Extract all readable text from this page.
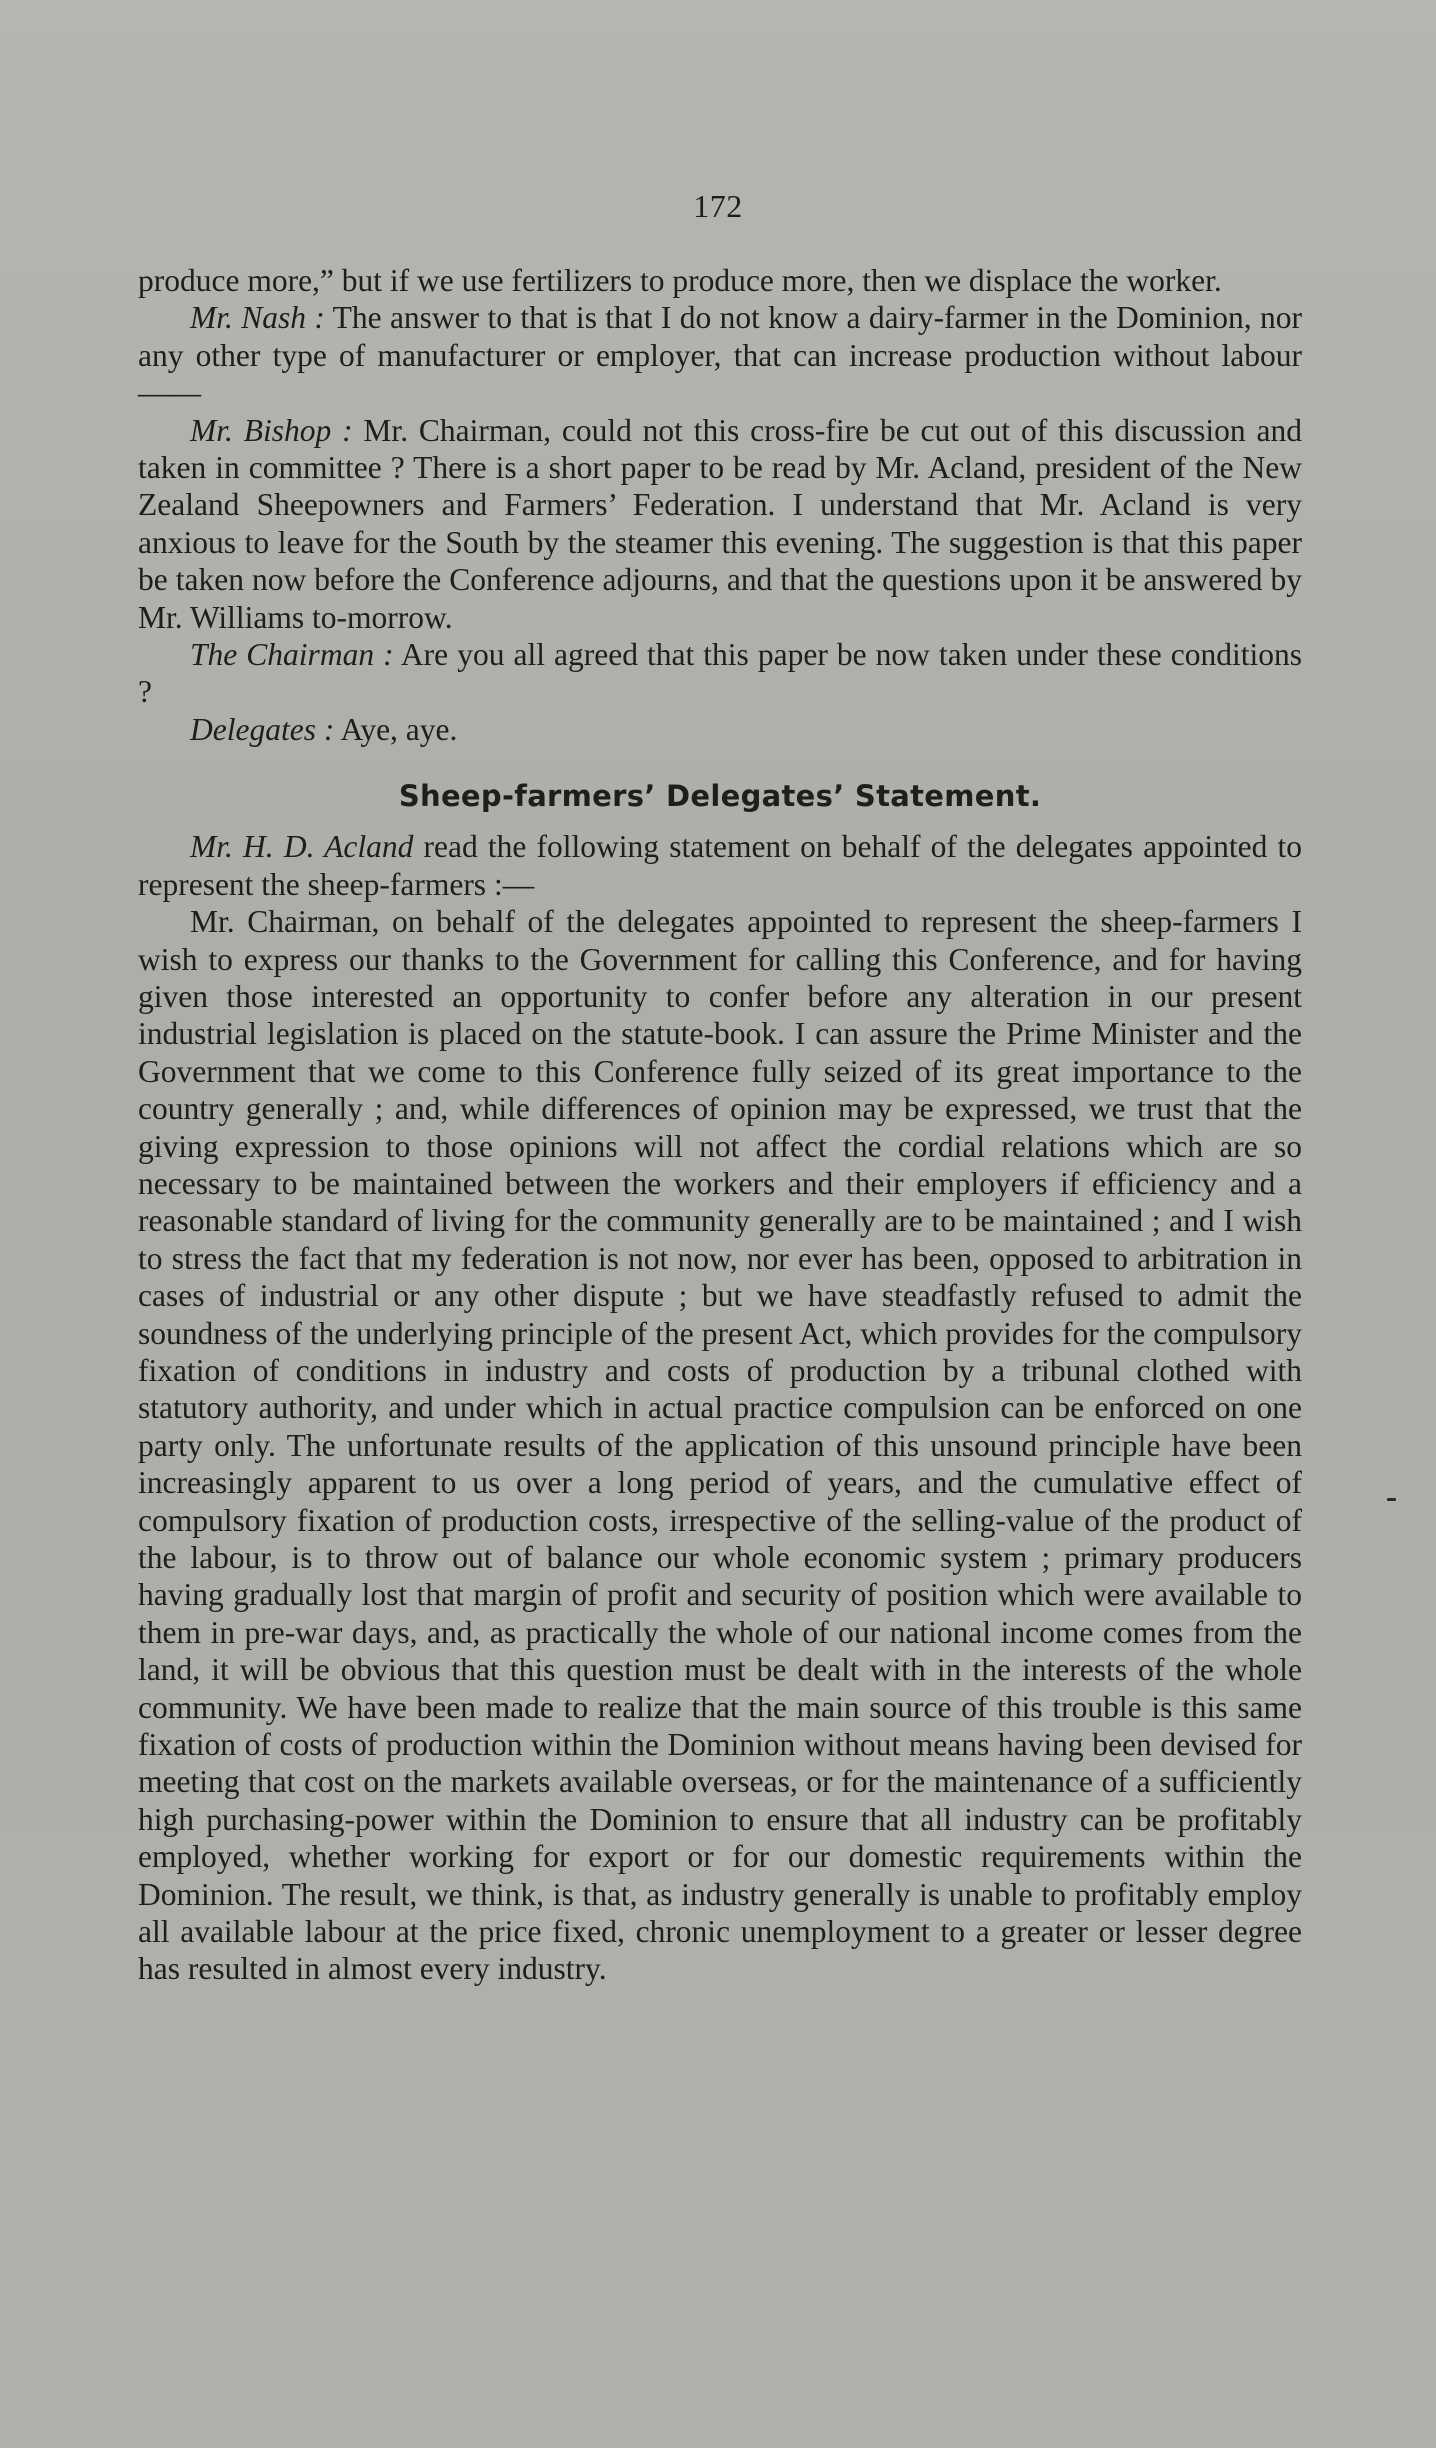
172

produce more,” but if we use fertilizers to produce more, then we displace the worker.

Mr. Nash : The answer to that is that I do not know a dairy-farmer in the Dominion, nor any other type of manufacturer or employer, that can increase production without labour——

Mr. Bishop : Mr. Chairman, could not this cross-fire be cut out of this discussion and taken in committee ? There is a short paper to be read by Mr. Acland, president of the New Zealand Sheepowners and Farmers’ Federation. I understand that Mr. Acland is very anxious to leave for the South by the steamer this evening. The suggestion is that this paper be taken now before the Conference adjourns, and that the questions upon it be answered by Mr. Williams to-morrow.

The Chairman : Are you all agreed that this paper be now taken under these conditions ?

Delegates : Aye, aye.

Sheep-farmers’ Delegates’ Statement.

Mr. H. D. Acland read the following statement on behalf of the delegates appointed to represent the sheep-farmers :—

Mr. Chairman, on behalf of the delegates appointed to represent the sheep-farmers I wish to express our thanks to the Government for calling this Conference, and for having given those interested an opportunity to confer before any alteration in our present industrial legislation is placed on the statute-book. I can assure the Prime Minister and the Government that we come to this Conference fully seized of its great importance to the country generally ; and, while differences of opinion may be expressed, we trust that the giving expression to those opinions will not affect the cordial relations which are so necessary to be maintained between the workers and their employers if efficiency and a reasonable standard of living for the community generally are to be maintained ; and I wish to stress the fact that my federation is not now, nor ever has been, opposed to arbitration in cases of industrial or any other dispute ; but we have steadfastly refused to admit the soundness of the underlying principle of the present Act, which provides for the compulsory fixation of conditions in industry and costs of production by a tribunal clothed with statutory authority, and under which in actual practice compulsion can be enforced on one party only. The unfortunate results of the application of this unsound principle have been increasingly apparent to us over a long period of years, and the cumulative effect of compulsory fixation of production costs, irrespective of the selling-value of the product of the labour, is to throw out of balance our whole economic system ; primary producers having gradually lost that margin of profit and security of position which were available to them in pre-war days, and, as practically the whole of our national income comes from the land, it will be obvious that this question must be dealt with in the interests of the whole community. We have been made to realize that the main source of this trouble is this same fixation of costs of production within the Dominion without means having been devised for meeting that cost on the markets available overseas, or for the maintenance of a sufficiently high purchasing-power within the Dominion to ensure that all industry can be profitably employed, whether working for export or for our domestic requirements within the Dominion. The result, we think, is that, as industry generally is unable to profitably employ all available labour at the price fixed, chronic unemployment to a greater or lesser degree has resulted in almost every industry.
